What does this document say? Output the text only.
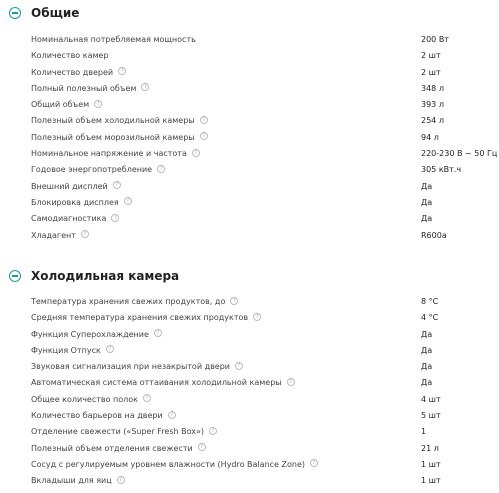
Общие
Номинальная потребляемая мощность	200 Вт
Количество камер	2 шт
Количество дверей ?	2 шт
Полный полезный объем ?	348 л
Общий объем ?	393 л
Полезный объем холодильной камеры ?	254 л
Полезный объем морозильной камеры ?	94 л
Номинальное напряжение и частота ?	220-230 В ~ 50 Гц
Годовое энергопотребление ?	305 кВт.ч
Внешний дисплей ?	Да
Блокировка дисплея ?	Да
Самодиагностика ?	Да
Хладагент ?	R600a
Холодильная камера
Температура хранения свежих продуктов, до ?	8 °С
Средняя температура хранения свежих продуктов ?	4 °С
Функция Суперохлаждение ?	Да
Функция Отпуск ?	Да
Звуковая сигнализация при незакрытой двери ?	Да
Автоматическая система оттаивания холодильной камеры ?	Да
Общее количество полок ?	4 шт
Количество барьеров на двери ?	5 шт
Отделение свежести («Super Fresh Box») ?	1
Полезный объем отделения свежести ?	21 л
Сосуд с регулируемым уровнем влажности (Hydro Balance Zone) ?	1 шт
Вкладыши для яиц ?	1 шт
